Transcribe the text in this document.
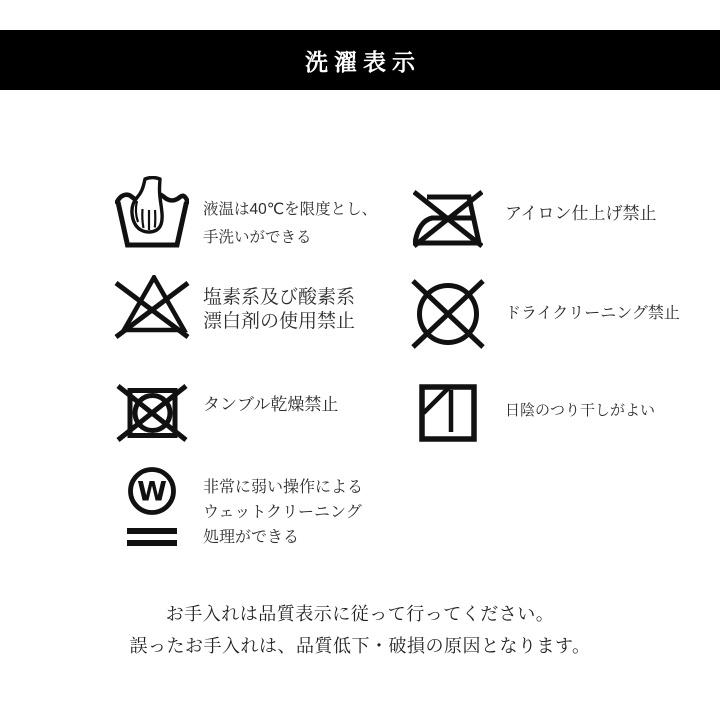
洗濯表示
液温は40℃を限度とし、
手洗いができる
塩素系及び酸素系
漂白剤の使用禁止
タンブル乾燥禁止
W 非常に弱い操作による
ウェットクリーニング
処理ができる
アイロン仕上げ禁止
ドライクリーニング禁止
日陰のつり干しがよい
お手入れは品質表示に従って行ってください。
誤ったお手入れは、品質低下・破損の原因となります。
